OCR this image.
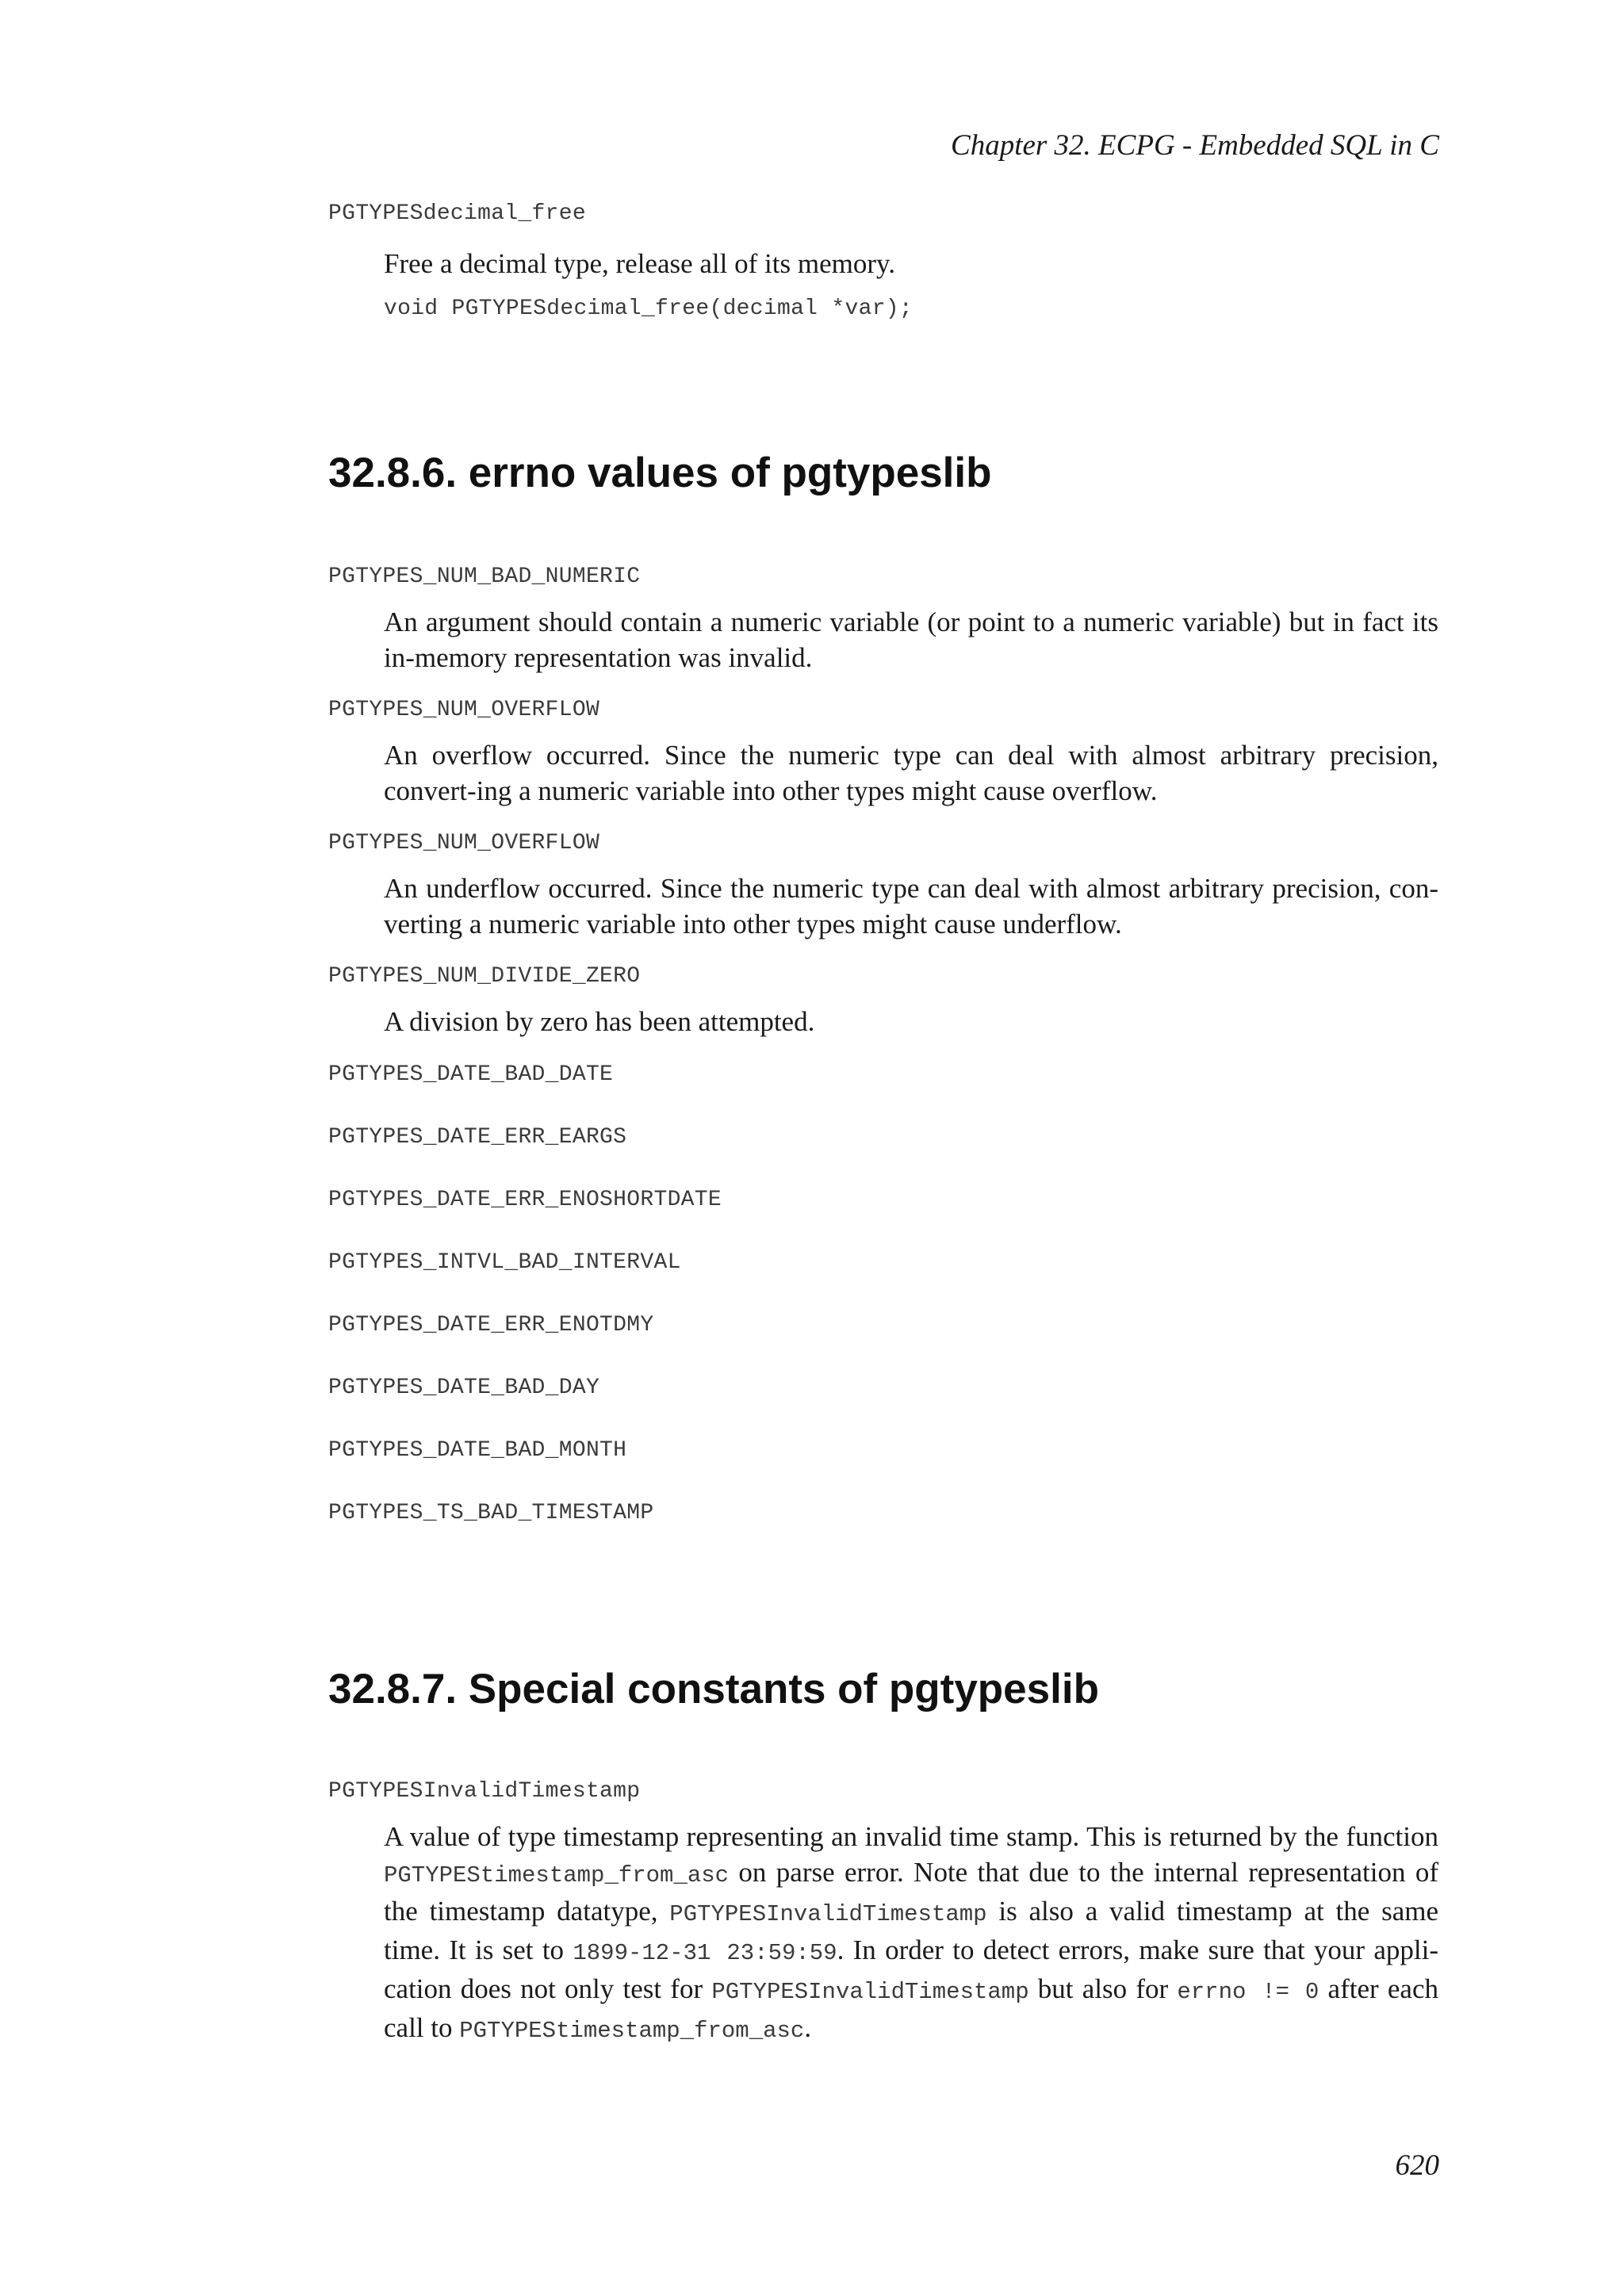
Chapter 32. ECPG - Embedded SQL in C
PGTYPESdecimal_free
Free a decimal type, release all of its memory.
void PGTYPESdecimal_free(decimal *var);
32.8.6. errno values of pgtypeslib
PGTYPES_NUM_BAD_NUMERIC
An argument should contain a numeric variable (or point to a numeric variable) but in fact its in-memory representation was invalid.
PGTYPES_NUM_OVERFLOW
An overflow occurred. Since the numeric type can deal with almost arbitrary precision, convert-ing a numeric variable into other types might cause overflow.
PGTYPES_NUM_OVERFLOW
An underflow occurred. Since the numeric type can deal with almost arbitrary precision, con-verting a numeric variable into other types might cause underflow.
PGTYPES_NUM_DIVIDE_ZERO
A division by zero has been attempted.
PGTYPES_DATE_BAD_DATE
PGTYPES_DATE_ERR_EARGS
PGTYPES_DATE_ERR_ENOSHORTDATE
PGTYPES_INTVL_BAD_INTERVAL
PGTYPES_DATE_ERR_ENOTDMY
PGTYPES_DATE_BAD_DAY
PGTYPES_DATE_BAD_MONTH
PGTYPES_TS_BAD_TIMESTAMP
32.8.7. Special constants of pgtypeslib
PGTYPESInvalidTimestamp
A value of type timestamp representing an invalid time stamp. This is returned by the function PGTYPEStimestamp_from_asc on parse error. Note that due to the internal representation of the timestamp datatype, PGTYPESInvalidTimestamp is also a valid timestamp at the same time. It is set to 1899-12-31 23:59:59. In order to detect errors, make sure that your appli-cation does not only test for PGTYPESInvalidTimestamp but also for errno != 0 after each call to PGTYPEStimestamp_from_asc.
620
